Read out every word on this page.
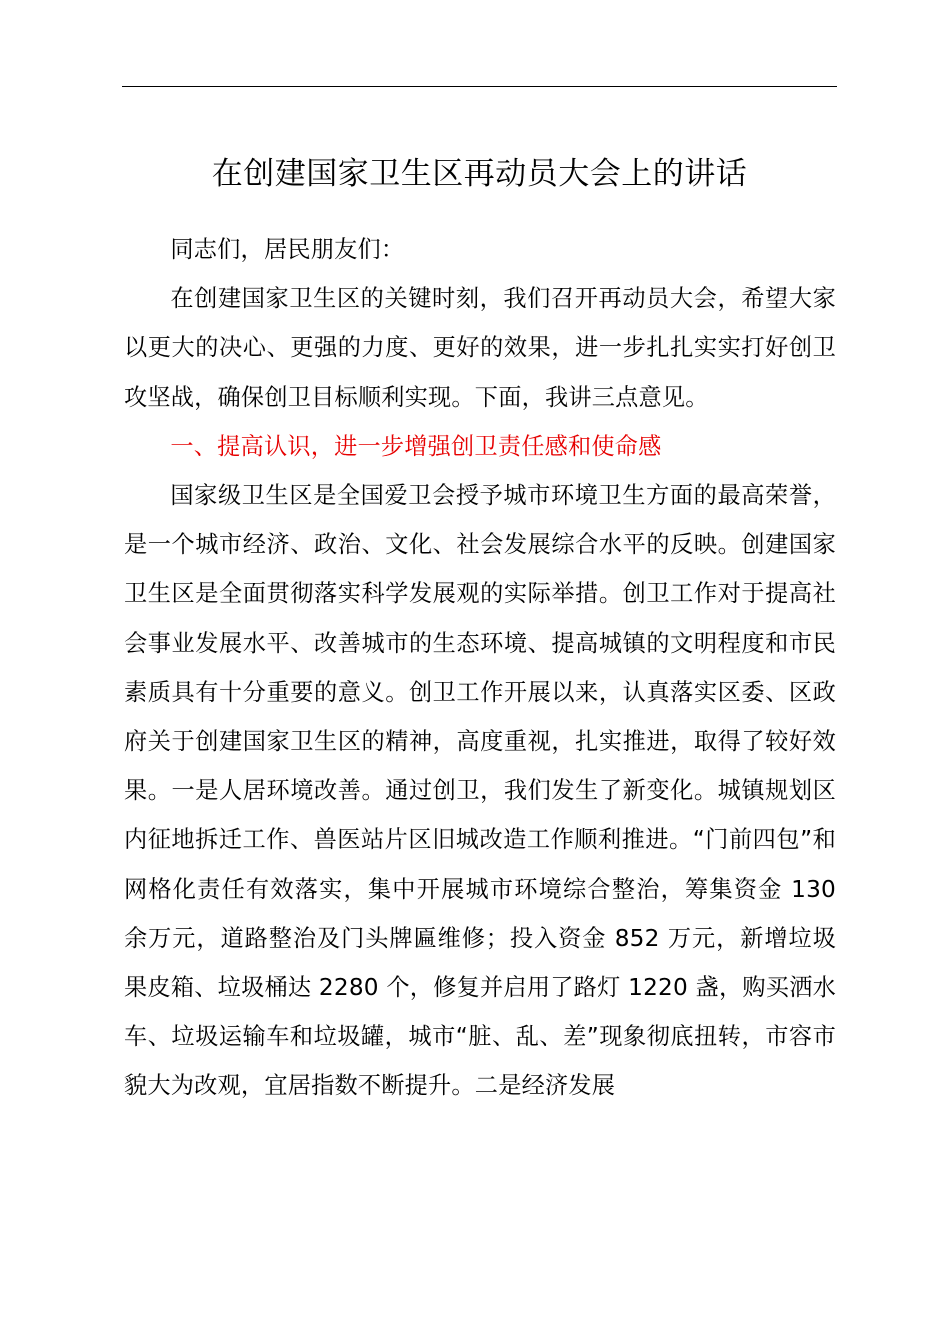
在创建国家卫生区再动员大会上的讲话

同志们，居民朋友们：

在创建国家卫生区的关键时刻，我们召开再动员大会，希望大家以更大的决心、更强的力度、更好的效果，进一步扎扎实实打好创卫攻坚战，确保创卫目标顺利实现。下面，我讲三点意见。

一、提高认识，进一步增强创卫责任感和使命感

国家级卫生区是全国爱卫会授予城市环境卫生方面的最高荣誉，是一个城市经济、政治、文化、社会发展综合水平的反映。创建国家卫生区是全面贯彻落实科学发展观的实际举措。创卫工作对于提高社会事业发展水平、改善城市的生态环境、提高城镇的文明程度和市民素质具有十分重要的意义。创卫工作开展以来，认真落实区委、区政府关于创建国家卫生区的精神，高度重视，扎实推进，取得了较好效果。一是人居环境改善。通过创卫，我们发生了新变化。城镇规划区内征地拆迁工作、兽医站片区旧城改造工作顺利推进。“门前四包”和网格化责任有效落实，集中开展城市环境综合整治，筹集资金 130 余万元，道路整治及门头牌匾维修；投入资金 852 万元，新增垃圾果皮箱、垃圾桶达 2280 个，修复并启用了路灯 1220 盏，购买洒水车、垃圾运输车和垃圾罐，城市“脏、乱、差”现象彻底扭转，市容市貌大为改观，宜居指数不断提升。二是经济发展
